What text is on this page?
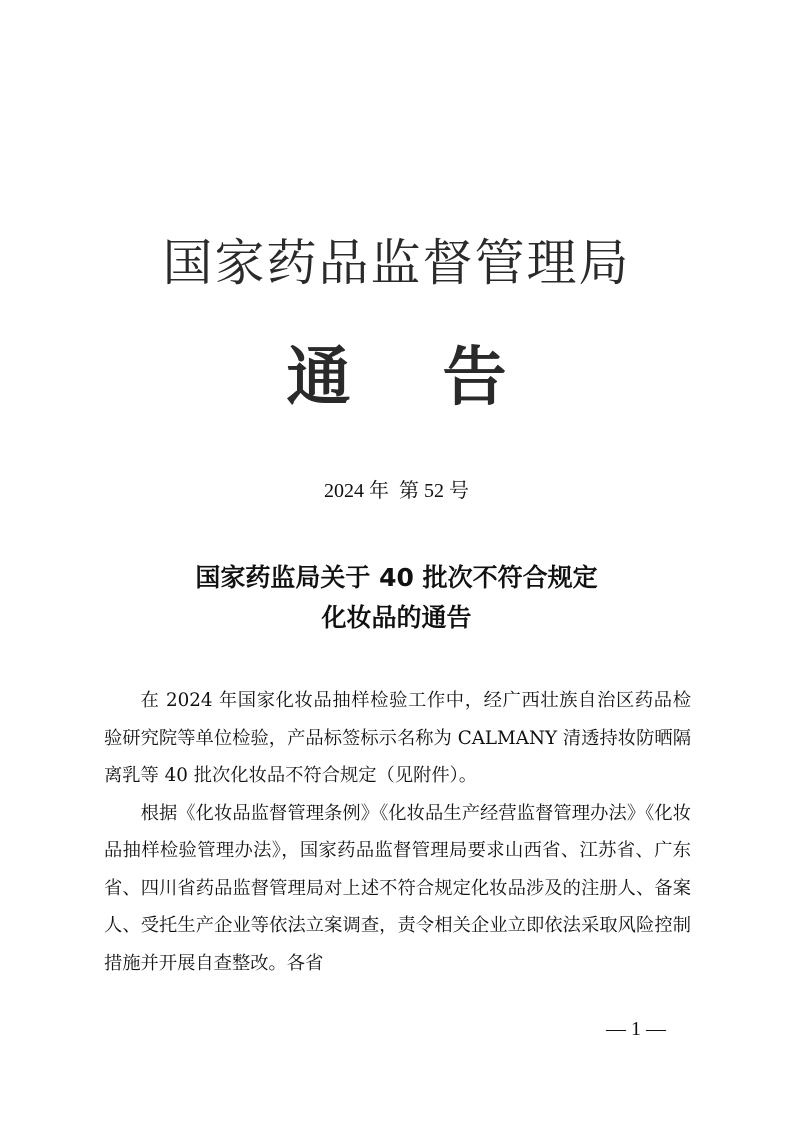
国家药品监督管理局
通 告
2024 年 第 52 号
国家药监局关于 40 批次不符合规定
化妆品的通告

在 2024 年国家化妆品抽样检验工作中，经广西壮族自治区药品检验研究院等单位检验，产品标签标示名称为 CALMANY 清透持妆防晒隔离乳等 40 批次化妆品不符合规定（见附件）。

根据《化妆品监督管理条例》《化妆品生产经营监督管理办法》《化妆品抽样检验管理办法》，国家药品监督管理局要求山西省、江苏省、广东省、四川省药品监督管理局对上述不符合规定化妆品涉及的注册人、备案人、受托生产企业等依法立案调查，责令相关企业立即依法采取风险控制措施并开展自查整改。各省

— 1 —
